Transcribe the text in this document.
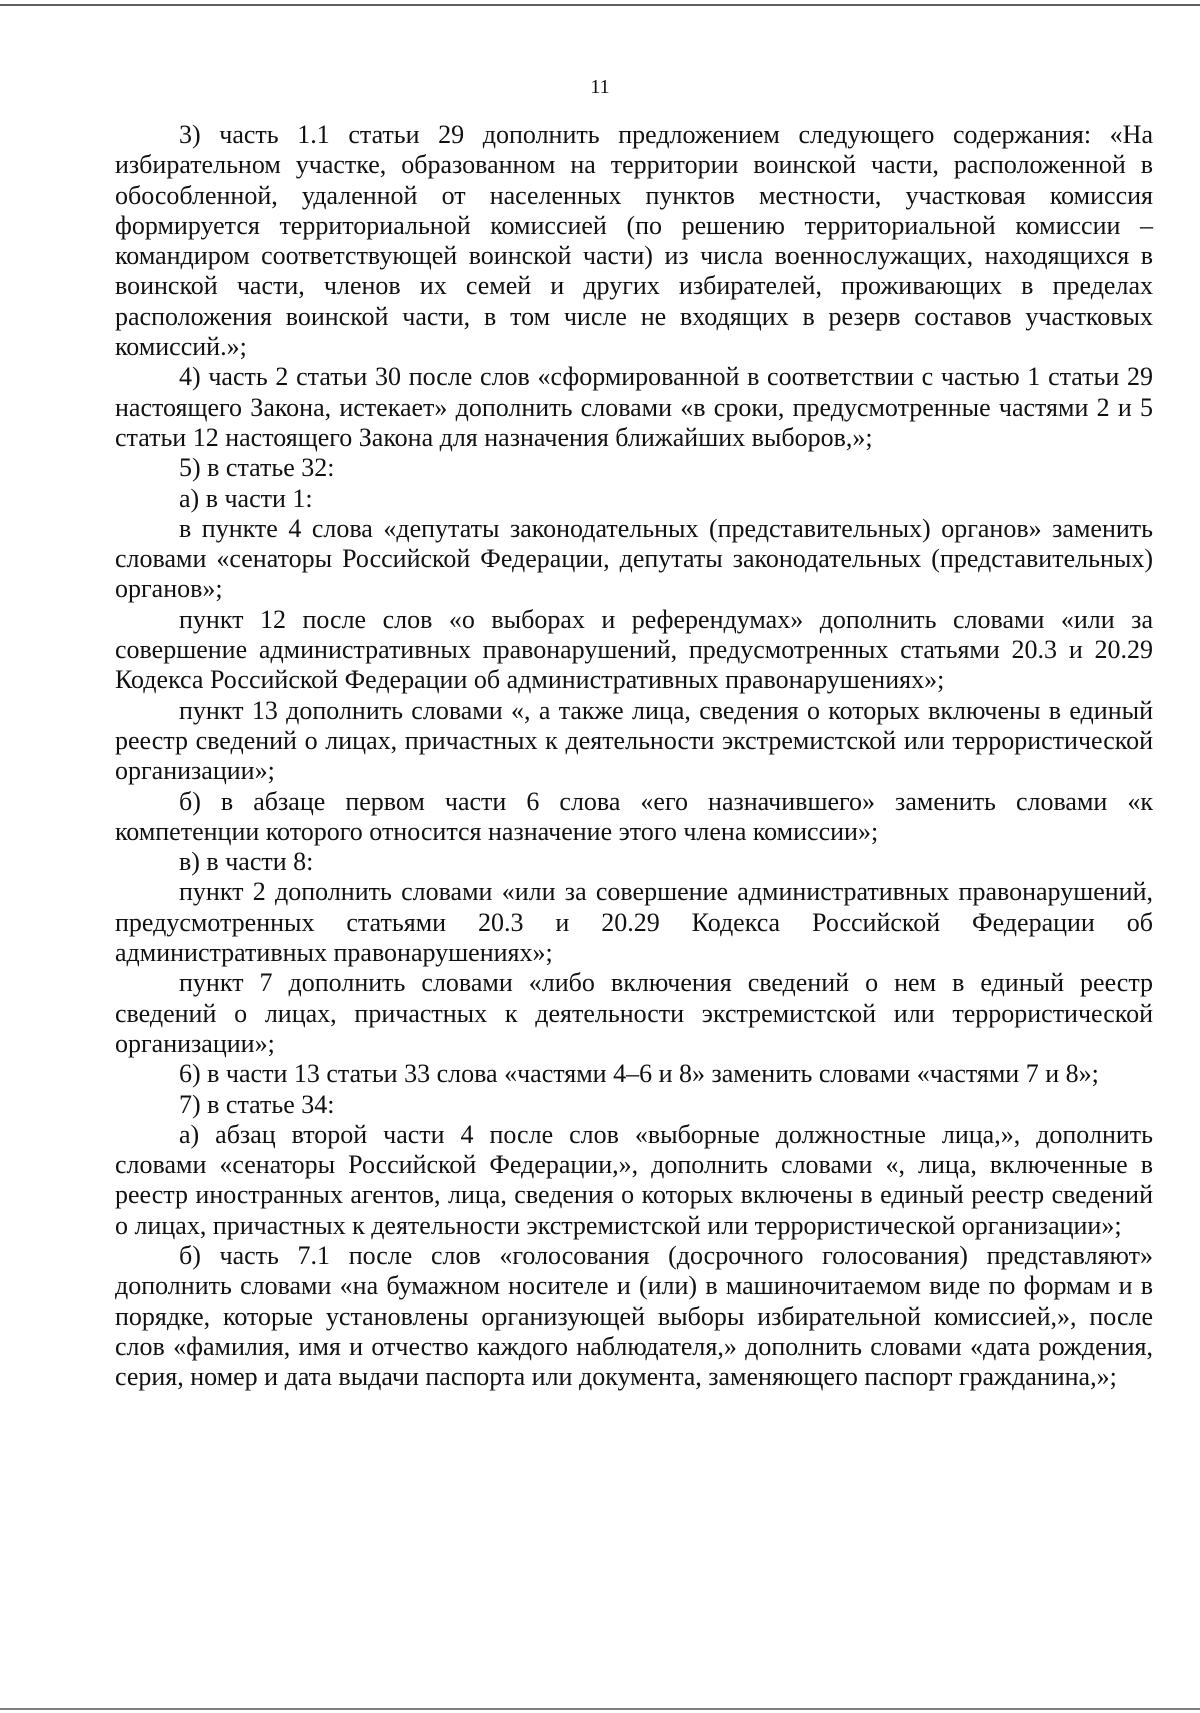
11

3) часть 1.1 статьи 29 дополнить предложением следующего содержания: «На избирательном участке, образованном на территории воинской части, расположенной в обособленной, удаленной от населенных пунктов местности, участковая комиссия формируется территориальной комиссией (по решению территориальной комиссии – командиром соответствующей воинской части) из числа военнослужащих, находящихся в воинской части, членов их семей и других избирателей, проживающих в пределах расположения воинской части, в том числе не входящих в резерв составов участковых комиссий.»;

4) часть 2 статьи 30 после слов «сформированной в соответствии с частью 1 статьи 29 настоящего Закона, истекает» дополнить словами «в сроки, предусмотренные частями 2 и 5 статьи 12 настоящего Закона для назначения ближайших выборов,»;

5) в статье 32:

а) в части 1:

в пункте 4 слова «депутаты законодательных (представительных) органов» заменить словами «сенаторы Российской Федерации, депутаты законодательных (представительных) органов»;

пункт 12 после слов «о выборах и референдумах» дополнить словами «или за совершение административных правонарушений, предусмотренных статьями 20.3 и 20.29 Кодекса Российской Федерации об административных правонарушениях»;

пункт 13 дополнить словами «, а также лица, сведения о которых включены в единый реестр сведений о лицах, причастных к деятельности экстремистской или террористической организации»;

б) в абзаце первом части 6 слова «его назначившего» заменить словами «к компетенции которого относится назначение этого члена комиссии»;

в) в части 8:

пункт 2 дополнить словами «или за совершение административных правонарушений, предусмотренных статьями 20.3 и 20.29 Кодекса Российской Федерации об административных правонарушениях»;

пункт 7 дополнить словами «либо включения сведений о нем в единый реестр сведений о лицах, причастных к деятельности экстремистской или террористической организации»;

6) в части 13 статьи 33 слова «частями 4–6 и 8» заменить словами «частями 7 и 8»;

7) в статье 34:

а) абзац второй части 4 после слов «выборные должностные лица,», дополнить словами «сенаторы Российской Федерации,», дополнить словами «, лица, включенные в реестр иностранных агентов, лица, сведения о которых включены в единый реестр сведений о лицах, причастных к деятельности экстремистской или террористической организации»;

б) часть 7.1 после слов «голосования (досрочного голосования) представляют» дополнить словами «на бумажном носителе и (или) в машиночитаемом виде по формам и в порядке, которые установлены организующей выборы избирательной комиссией,», после слов «фамилия, имя и отчество каждого наблюдателя,» дополнить словами «дата рождения, серия, номер и дата выдачи паспорта или документа, заменяющего паспорт гражданина,»;
